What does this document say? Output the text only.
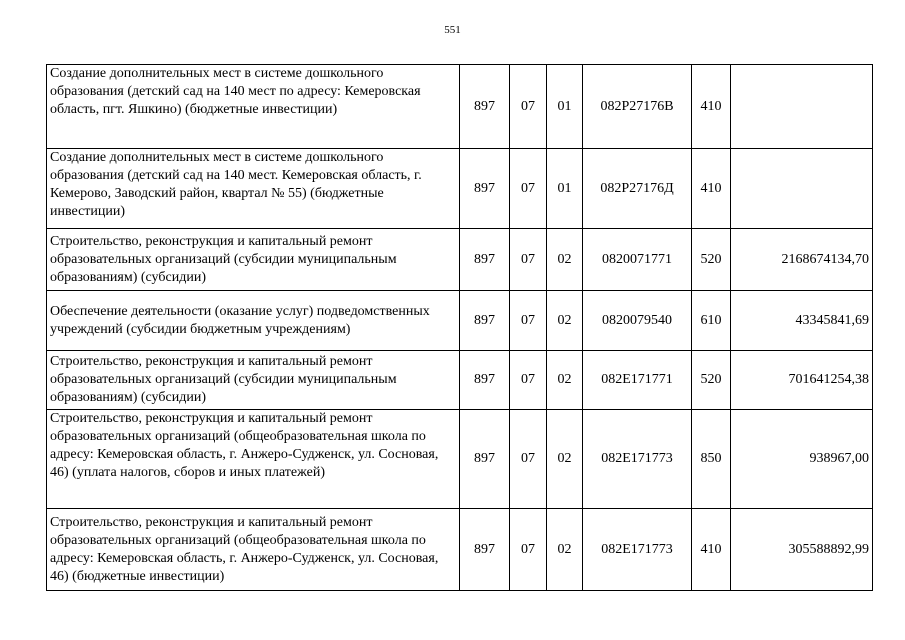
551
Создание дополнительных мест в системе дошкольного образования (детский сад на 140 мест по адресу: Кемеровская область, пгт. Яшкино) (бюджетные инвестиции)	897	07	01	082P27176В	410	
Создание дополнительных мест в системе дошкольного образования (детский сад на 140 мест. Кемеровская область, г. Кемерово, Заводский район, квартал № 55) (бюджетные инвестиции)	897	07	01	082P27176Д	410	
Строительство, реконструкция и капитальный ремонт образовательных организаций (субсидии муниципальным образованиям) (субсидии)	897	07	02	0820071771	520	2168674134,70
Обеспечение деятельности (оказание услуг) подведомственных учреждений (субсидии бюджетным учреждениям)	897	07	02	0820079540	610	43345841,69
Строительство, реконструкция и капитальный ремонт образовательных организаций (субсидии муниципальным образованиям) (субсидии)	897	07	02	082E171771	520	701641254,38
Строительство, реконструкция и капитальный ремонт образовательных организаций (общеобразовательная школа по адресу: Кемеровская область, г. Анжеро-Судженск, ул. Сосновая, 46) (уплата налогов, сборов и иных платежей)	897	07	02	082E171773	850	938967,00
Строительство, реконструкция и капитальный ремонт образовательных организаций (общеобразовательная школа по адресу: Кемеровская область, г. Анжеро-Судженск, ул. Сосновая, 46) (бюджетные инвестиции)	897	07	02	082E171773	410	305588892,99
